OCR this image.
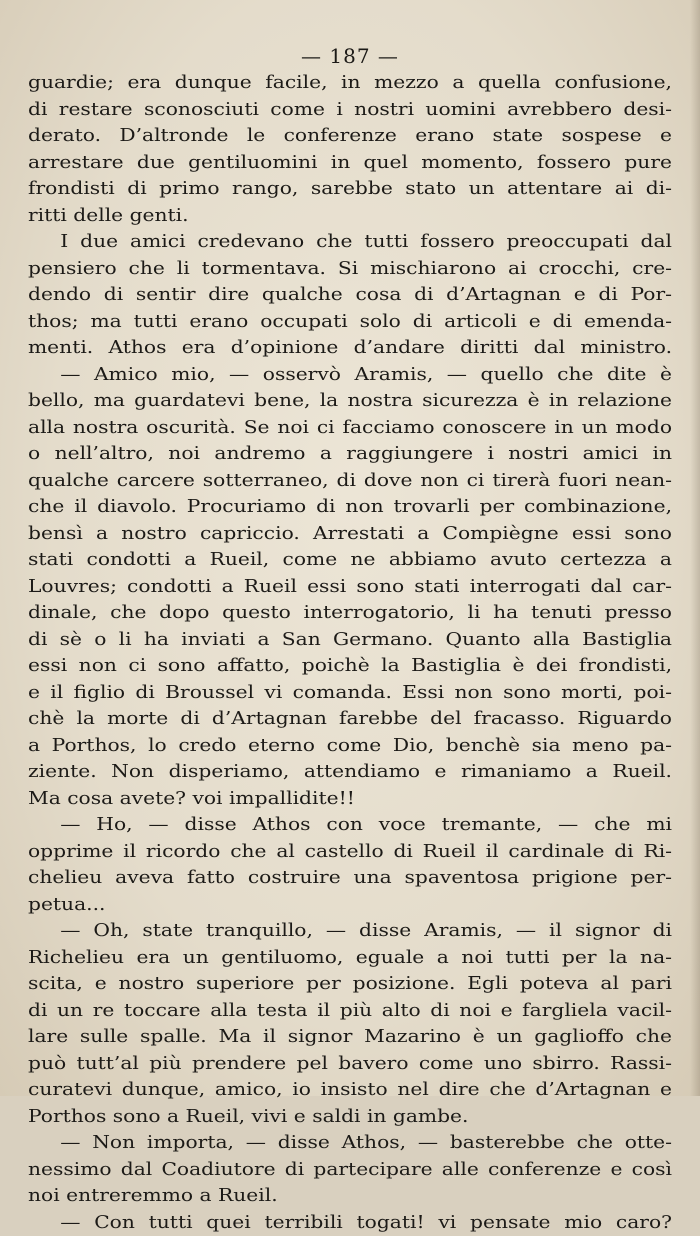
— 187 —
guardie; era dunque facile, in mezzo a quella confusione,
di restare sconosciuti come i nostri uomini avrebbero desi-
derato. D’altronde le conferenze erano state sospese e
arrestare due gentiluomini in quel momento, fossero pure
frondisti di primo rango, sarebbe stato un attentare ai di-
ritti delle genti.
I due amici credevano che tutti fossero preoccupati dal
pensiero che li tormentava. Si mischiarono ai crocchi, cre-
dendo di sentir dire qualche cosa di d’Artagnan e di Por-
thos; ma tutti erano occupati solo di articoli e di emenda-
menti. Athos era d’opinione d’andare diritti dal ministro.
— Amico mio, — osservò Aramis, — quello che dite è
bello, ma guardatevi bene, la nostra sicurezza è in relazione
alla nostra oscurità. Se noi ci facciamo conoscere in un modo
o nell’altro, noi andremo a raggiungere i nostri amici in
qualche carcere sotterraneo, di dove non ci tirerà fuori nean-
che il diavolo. Procuriamo di non trovarli per combinazione,
bensì a nostro capriccio. Arrestati a Compiègne essi sono
stati condotti a Rueil, come ne abbiamo avuto certezza a
Louvres; condotti a Rueil essi sono stati interrogati dal car-
dinale, che dopo questo interrogatorio, li ha tenuti presso
di sè o li ha inviati a San Germano. Quanto alla Bastiglia
essi non ci sono affatto, poichè la Bastiglia è dei frondisti,
e il figlio di Broussel vi comanda. Essi non sono morti, poi-
chè la morte di d’Artagnan farebbe del fracasso. Riguardo
a Porthos, lo credo eterno come Dio, benchè sia meno pa-
ziente. Non disperiamo, attendiamo e rimaniamo a Rueil.
Ma cosa avete? voi impallidite!!
— Ho, — disse Athos con voce tremante, — che mi
opprime il ricordo che al castello di Rueil il cardinale di Ri-
chelieu aveva fatto costruire una spaventosa prigione per-
petua...
— Oh, state tranquillo, — disse Aramis, — il signor di
Richelieu era un gentiluomo, eguale a noi tutti per la na-
scita, e nostro superiore per posizione. Egli poteva al pari
di un re toccare alla testa il più alto di noi e fargliela vacil-
lare sulle spalle. Ma il signor Mazarino è un gaglioffo che
può tutt’al più prendere pel bavero come uno sbirro. Rassi-
curatevi dunque, amico, io insisto nel dire che d’Artagnan e
Porthos sono a Rueil, vivi e saldi in gambe.
— Non importa, — disse Athos, — basterebbe che otte-
nessimo dal Coadiutore di partecipare alle conferenze e così
noi entreremmo a Rueil.
— Con tutti quei terribili togati! vi pensate mio caro?
